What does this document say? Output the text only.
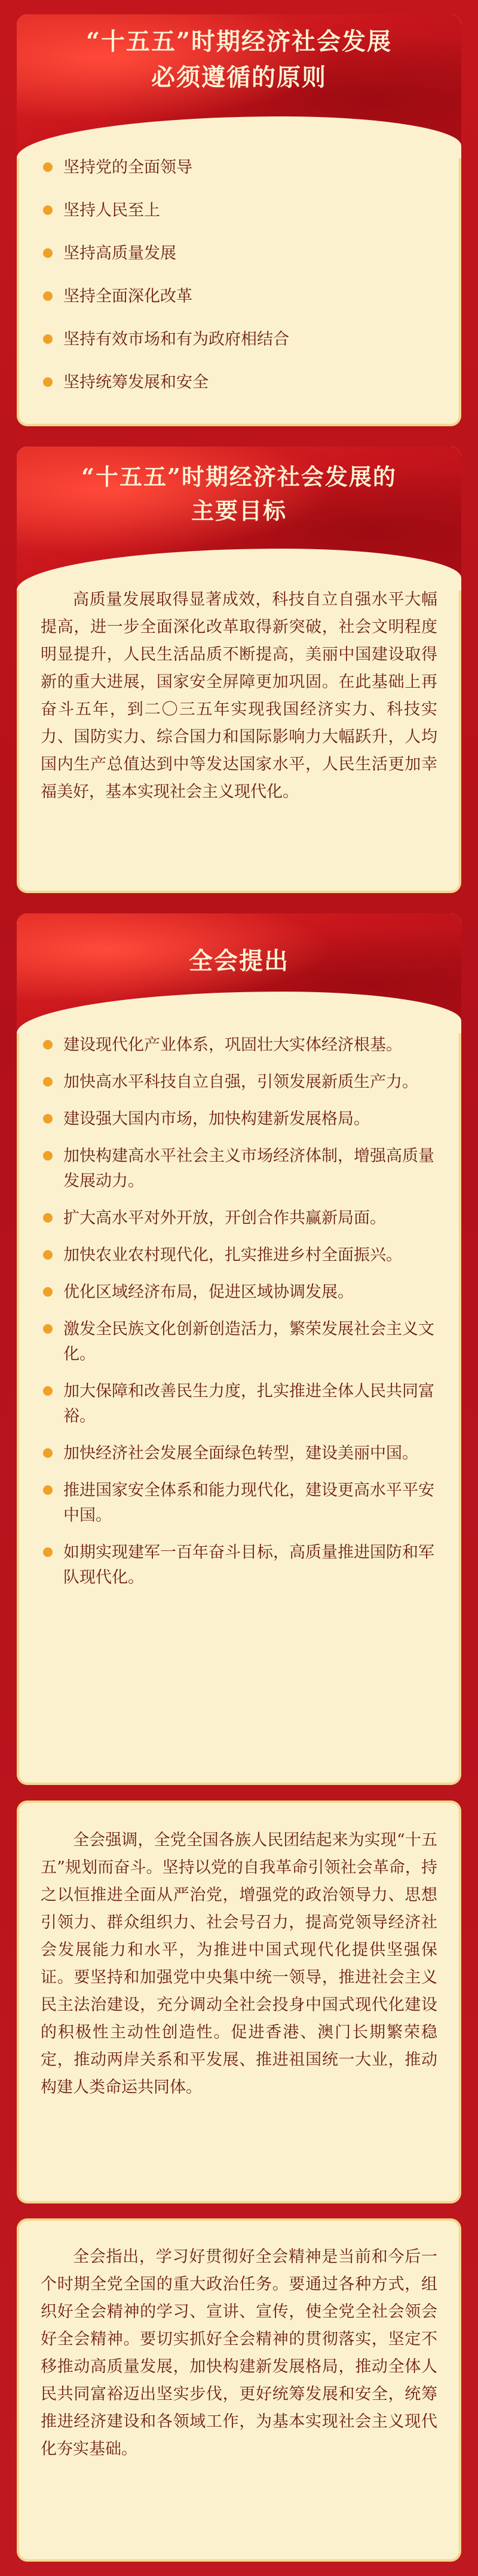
“十五五”时期经济社会发展
必须遵循的原则
坚持党的全面领导
坚持人民至上
坚持高质量发展
坚持全面深化改革
坚持有效市场和有为政府相结合
坚持统筹发展和安全
“十五五”时期经济社会发展的
主要目标

高质量发展取得显著成效，科技自立自强水平大幅提高，进一步全面深化改革取得新突破，社会文明程度明显提升，人民生活品质不断提高，美丽中国建设取得新的重大进展，国家安全屏障更加巩固。在此基础上再奋斗五年，到二〇三五年实现我国经济实力、科技实力、国防实力、综合国力和国际影响力大幅跃升，人均国内生产总值达到中等发达国家水平，人民生活更加幸福美好，基本实现社会主义现代化。

全会提出
建设现代化产业体系，巩固壮大实体经济根基。
加快高水平科技自立自强，引领发展新质生产力。
建设强大国内市场，加快构建新发展格局。
加快构建高水平社会主义市场经济体制，增强高质量发展动力。
扩大高水平对外开放，开创合作共赢新局面。
加快农业农村现代化，扎实推进乡村全面振兴。
优化区域经济布局，促进区域协调发展。
激发全民族文化创新创造活力，繁荣发展社会主义文化。
加大保障和改善民生力度，扎实推进全体人民共同富裕。
加快经济社会发展全面绿色转型，建设美丽中国。
推进国家安全体系和能力现代化，建设更高水平平安中国。
如期实现建军一百年奋斗目标，高质量推进国防和军队现代化。

全会强调，全党全国各族人民团结起来为实现“十五五”规划而奋斗。坚持以党的自我革命引领社会革命，持之以恒推进全面从严治党，增强党的政治领导力、思想引领力、群众组织力、社会号召力，提高党领导经济社会发展能力和水平，为推进中国式现代化提供坚强保证。要坚持和加强党中央集中统一领导，推进社会主义民主法治建设，充分调动全社会投身中国式现代化建设的积极性主动性创造性。促进香港、澳门长期繁荣稳定，推动两岸关系和平发展、推进祖国统一大业，推动构建人类命运共同体。

全会指出，学习好贯彻好全会精神是当前和今后一个时期全党全国的重大政治任务。要通过各种方式，组织好全会精神的学习、宣讲、宣传，使全党全社会领会好全会精神。要切实抓好全会精神的贯彻落实，坚定不移推动高质量发展，加快构建新发展格局，推动全体人民共同富裕迈出坚实步伐，更好统筹发展和安全，统筹推进经济建设和各领域工作，为基本实现社会主义现代化夯实基础。
